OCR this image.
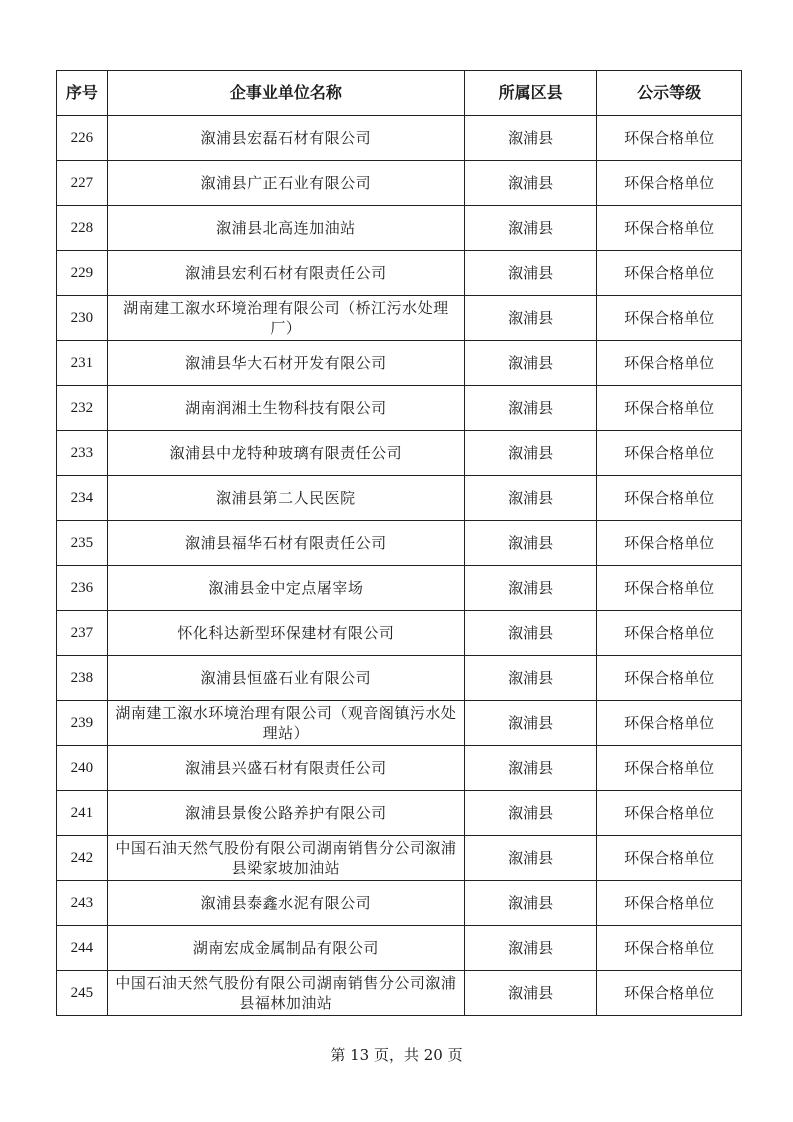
序号	企事业单位名称	所属区县	公示等级
226	溆浦县宏磊石材有限公司	溆浦县	环保合格单位
227	溆浦县广正石业有限公司	溆浦县	环保合格单位
228	溆浦县北高连加油站	溆浦县	环保合格单位
229	溆浦县宏利石材有限责任公司	溆浦县	环保合格单位
230	湖南建工溆水环境治理有限公司（桥江污水处理厂）	溆浦县	环保合格单位
231	溆浦县华大石材开发有限公司	溆浦县	环保合格单位
232	湖南润湘土生物科技有限公司	溆浦县	环保合格单位
233	溆浦县中龙特种玻璃有限责任公司	溆浦县	环保合格单位
234	溆浦县第二人民医院	溆浦县	环保合格单位
235	溆浦县福华石材有限责任公司	溆浦县	环保合格单位
236	溆浦县金中定点屠宰场	溆浦县	环保合格单位
237	怀化科达新型环保建材有限公司	溆浦县	环保合格单位
238	溆浦县恒盛石业有限公司	溆浦县	环保合格单位
239	湖南建工溆水环境治理有限公司（观音阁镇污水处理站）	溆浦县	环保合格单位
240	溆浦县兴盛石材有限责任公司	溆浦县	环保合格单位
241	溆浦县景俊公路养护有限公司	溆浦县	环保合格单位
242	中国石油天然气股份有限公司湖南销售分公司溆浦县梁家坡加油站	溆浦县	环保合格单位
243	溆浦县泰鑫水泥有限公司	溆浦县	环保合格单位
244	湖南宏成金属制品有限公司	溆浦县	环保合格单位
245	中国石油天然气股份有限公司湖南销售分公司溆浦县福林加油站	溆浦县	环保合格单位
第 13 页，共 20 页
